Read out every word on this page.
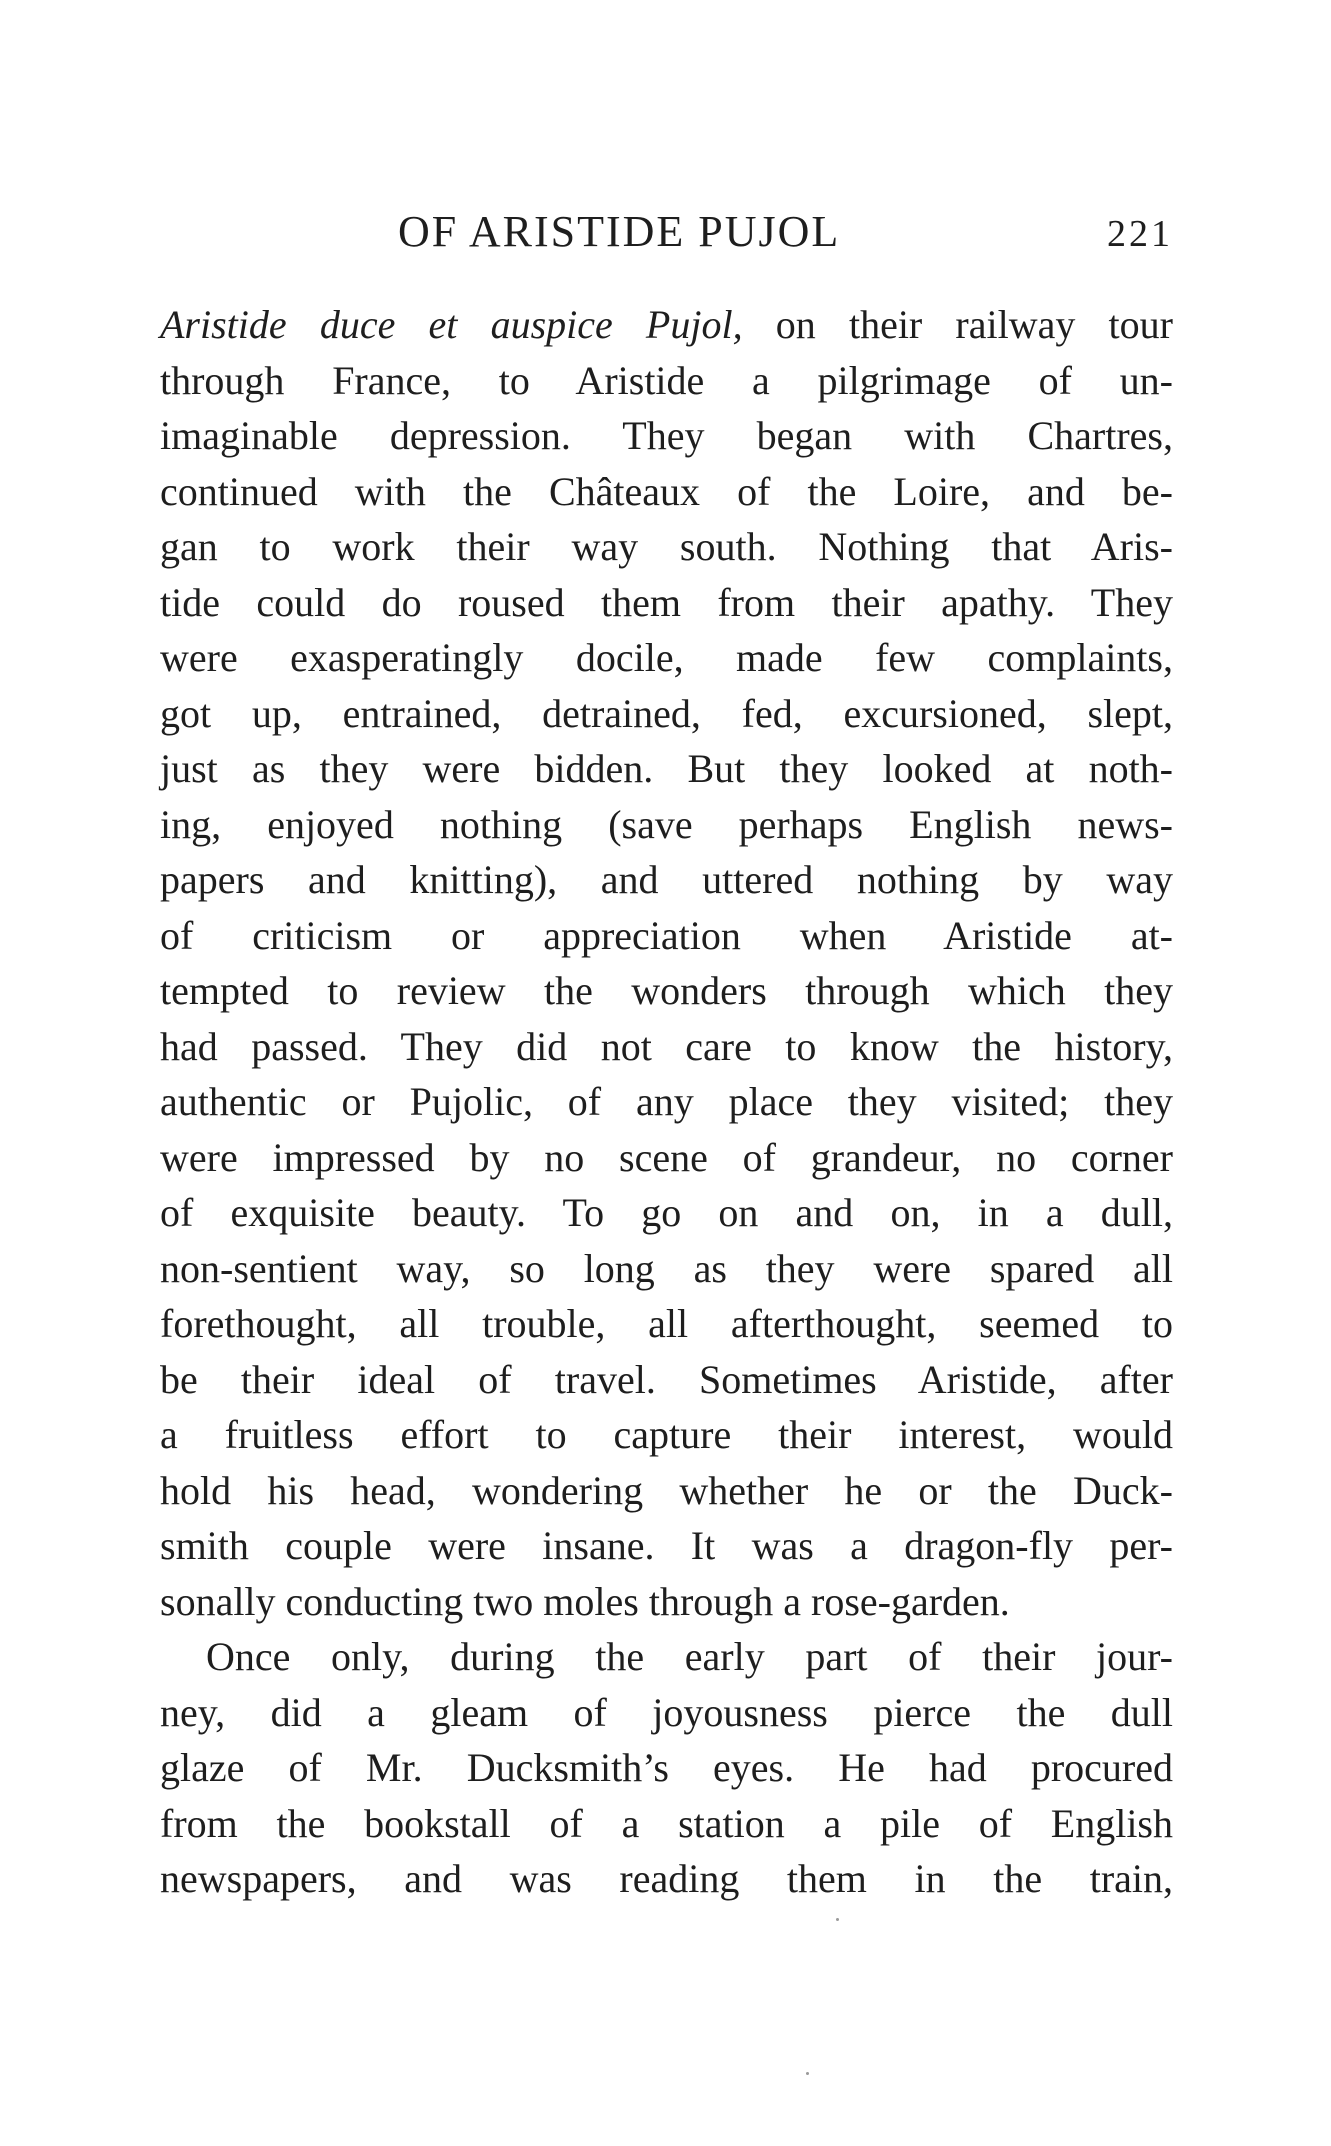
OF ARISTIDE PUJOL	221
Aristide duce et auspice Pujol, on their railway tour
through France, to Aristide a pilgrimage of un-
imaginable depression. They began with Chartres,
continued with the Châteaux of the Loire, and be-
gan to work their way south. Nothing that Aris-
tide could do roused them from their apathy. They
were exasperatingly docile, made few complaints,
got up, entrained, detrained, fed, excursioned, slept,
just as they were bidden. But they looked at noth-
ing, enjoyed nothing (save perhaps English news-
papers and knitting), and uttered nothing by way
of criticism or appreciation when Aristide at-
tempted to review the wonders through which they
had passed. They did not care to know the history,
authentic or Pujolic, of any place they visited; they
were impressed by no scene of grandeur, no corner
of exquisite beauty. To go on and on, in a dull,
non-sentient way, so long as they were spared all
forethought, all trouble, all afterthought, seemed to
be their ideal of travel. Sometimes Aristide, after
a fruitless effort to capture their interest, would
hold his head, wondering whether he or the Duck-
smith couple were insane. It was a dragon-fly per-
sonally conducting two moles through a rose-garden.
Once only, during the early part of their jour-
ney, did a gleam of joyousness pierce the dull
glaze of Mr. Ducksmith’s eyes. He had procured
from the bookstall of a station a pile of English
newspapers, and was reading them in the train,
